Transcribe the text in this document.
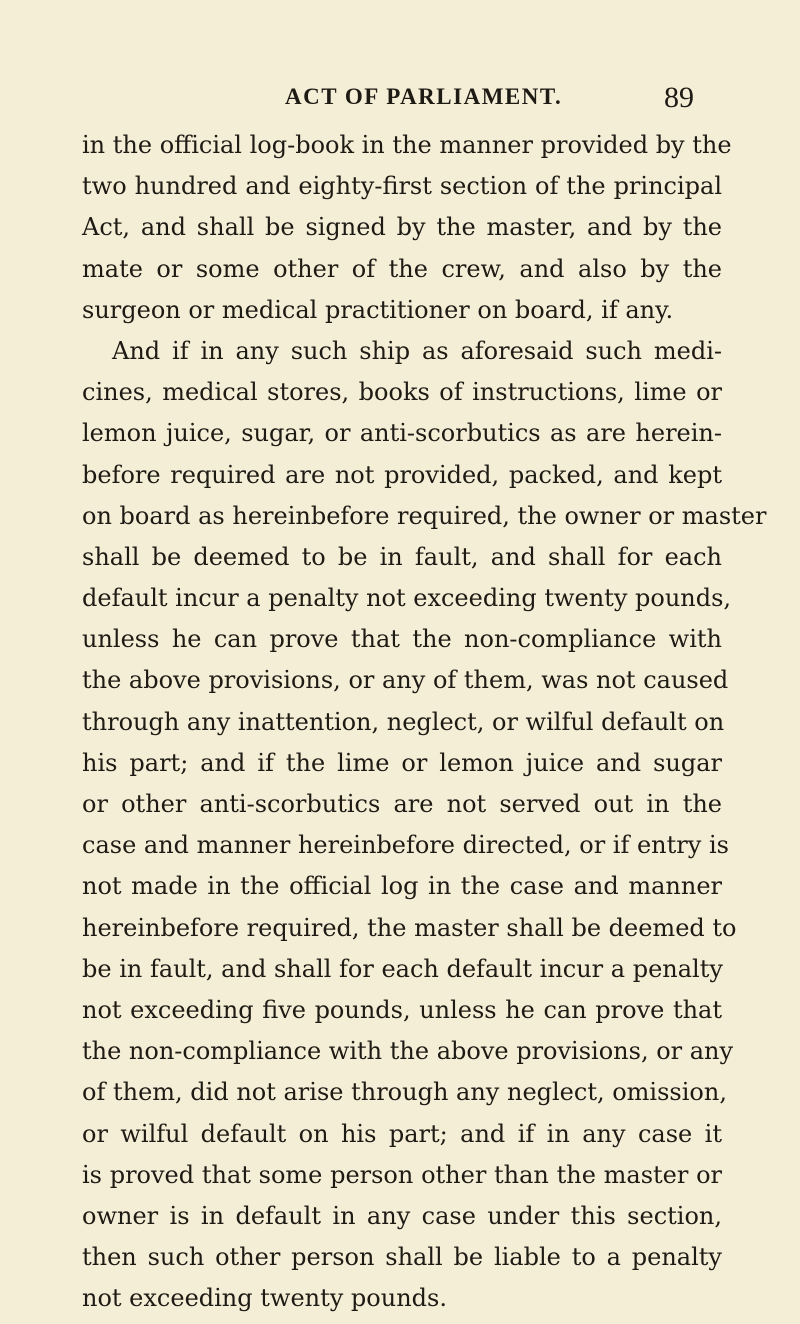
ACT OF PARLIAMENT.	89
in the official log-book in the manner provided by the
two hundred and eighty-first section of the principal
Act, and shall be signed by the master, and by the
mate or some other of the crew, and also by the
surgeon or medical practitioner on board, if any.
And if in any such ship as aforesaid such medi-
cines, medical stores, books of instructions, lime or
lemon juice, sugar, or anti-scorbutics as are herein-
before required are not provided, packed, and kept
on board as hereinbefore required, the owner or master
shall be deemed to be in fault, and shall for each
default incur a penalty not exceeding twenty pounds,
unless he can prove that the non-compliance with
the above provisions, or any of them, was not caused
through any inattention, neglect, or wilful default on
his part; and if the lime or lemon juice and sugar
or other anti-scorbutics are not served out in the
case and manner hereinbefore directed, or if entry is
not made in the official log in the case and manner
hereinbefore required, the master shall be deemed to
be in fault, and shall for each default incur a penalty
not exceeding five pounds, unless he can prove that
the non-compliance with the above provisions, or any
of them, did not arise through any neglect, omission,
or wilful default on his part; and if in any case it
is proved that some person other than the master or
owner is in default in any case under this section,
then such other person shall be liable to a penalty
not exceeding twenty pounds.
